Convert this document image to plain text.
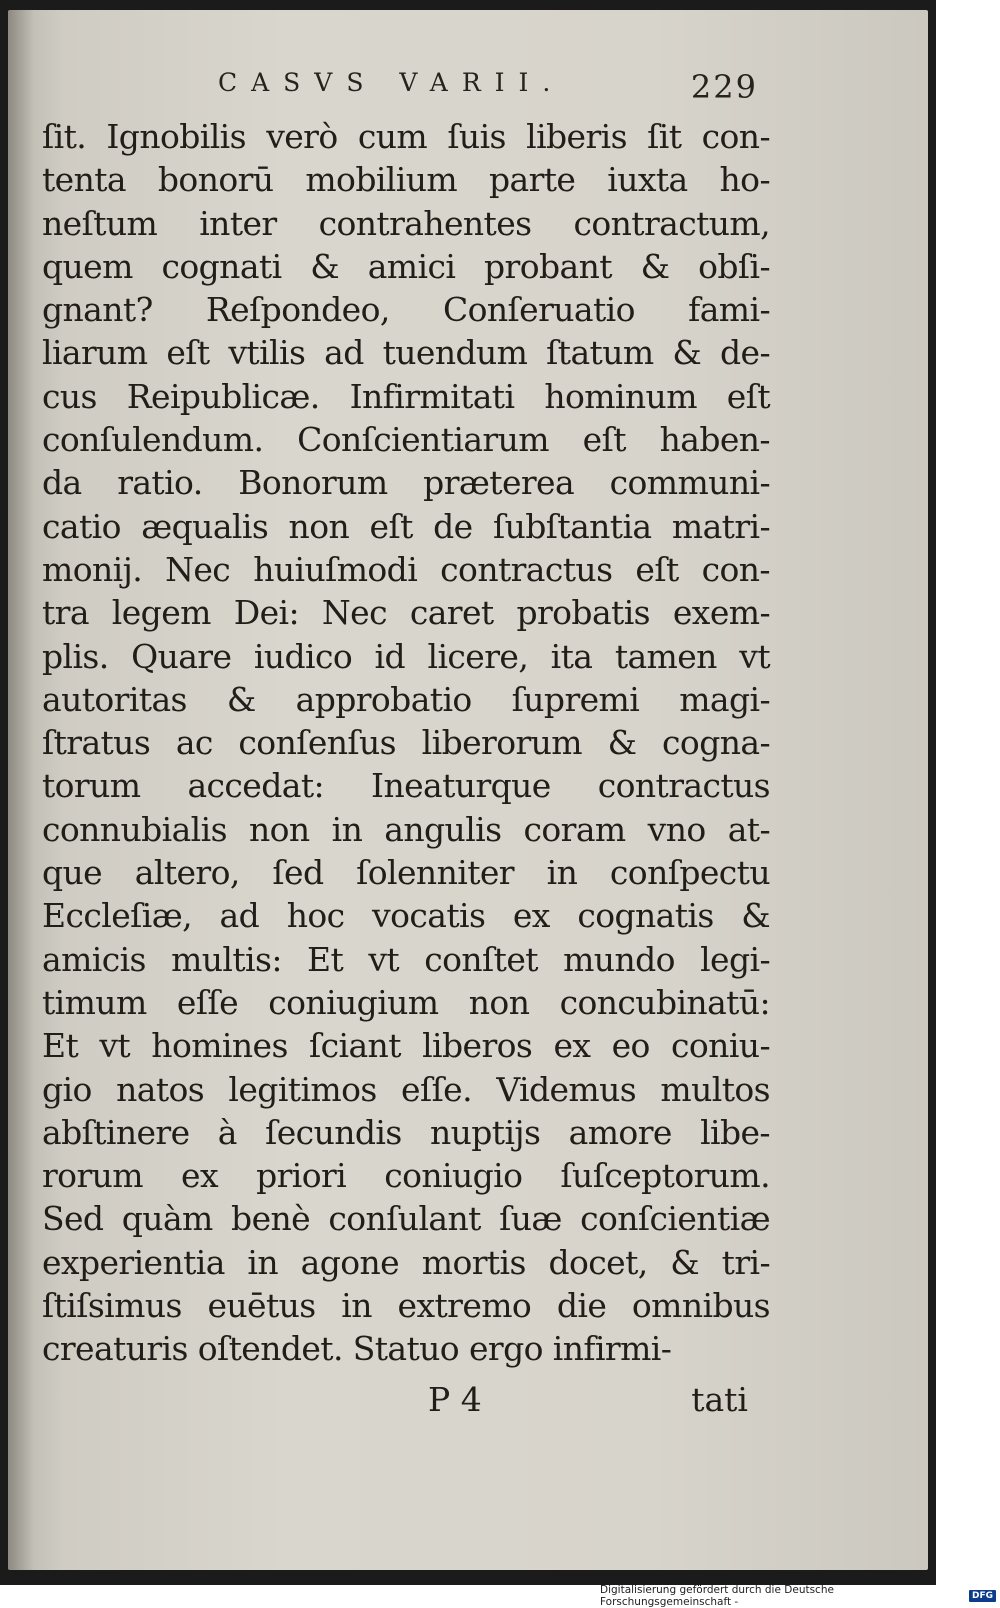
CASVS VARII.	229
ſit. Ignobilis verò cum ſuis liberis ſit con-
tenta bonorū mobilium parte iuxta ho-
neſtum inter contrahentes contractum,
quem cognati & amici probant & obſi-
gnant? Reſpondeo, Conſeruatio fami-
liarum eſt vtilis ad tuendum ſtatum & de-
cus Reipublicæ. Infirmitati hominum eſt
conſulendum. Conſcientiarum eſt haben-
da ratio. Bonorum præterea communi-
catio æqualis non eſt de ſubſtantia matri-
monij. Nec huiuſmodi contractus eſt con-
tra legem Dei: Nec caret probatis exem-
plis. Quare iudico id licere, ita tamen vt
autoritas & approbatio ſupremi magi-
ſtratus ac conſenſus liberorum & cogna-
torum accedat: Ineaturque contractus
connubialis non in angulis coram vno at-
que altero, ſed ſolenniter in conſpectu
Eccleſiæ, ad hoc vocatis ex cognatis &
amicis multis: Et vt conſtet mundo legi-
timum eſſe coniugium non concubinatū:
Et vt homines ſciant liberos ex eo coniu-
gio natos legitimos eſſe. Videmus multos
abſtinere à ſecundis nuptijs amore libe-
rorum ex priori coniugio ſuſceptorum.
Sed quàm benè conſulant ſuæ conſcientiæ
experientia in agone mortis docet, & tri-
ſtiſsimus euētus in extremo die omnibus
creaturis oſtendet. Statuo ergo infirmi-
P 4	tati
Digitalisierung gefördert durch die Deutsche Forschungsgemeinschaft -	DFG
